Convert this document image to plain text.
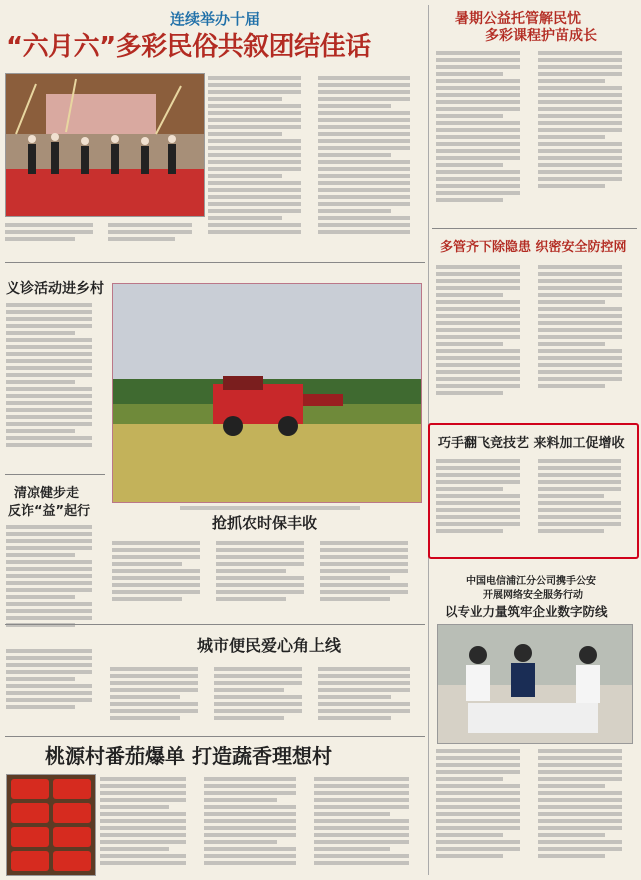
连续举办十届
“六月六”多彩民俗共叙团结佳话
暑期公益托管解民忧
多彩课程护苗成长
多管齐下除隐患 织密安全防控网
巧手翻飞竞技艺 来料加工促增收
中国电信浦江分公司携手公安
开展网络安全服务行动
以专业力量筑牢企业数字防线
义诊活动进乡村
清凉健步走
反诈“益”起行
抢抓农时保丰收
城市便民爱心角上线
桃源村番茄爆单 打造蔬香理想村
